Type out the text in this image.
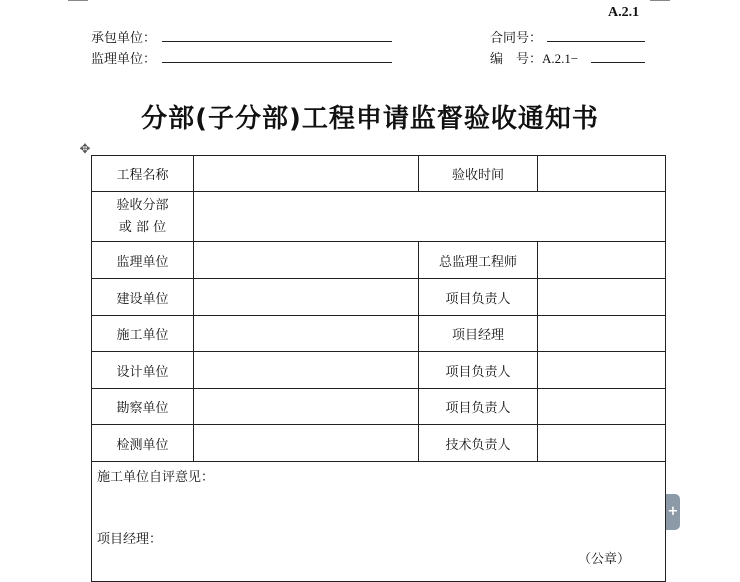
A.2.1
承包单位：
监理单位：
合同号：
编　号：A.2.1−
分部(子分部)工程申请监督验收通知书
✥
工程名称		验收时间	

验收分部
或 部 位			

监理单位		总监理工程师	
建设单位		项目负责人	
施工单位		项目经理	
设计单位		项目负责人	
勘察单位		项目负责人	
检测单位		技术负责人	

施工单位自评意见：
项目经理：
（公章）			
+
